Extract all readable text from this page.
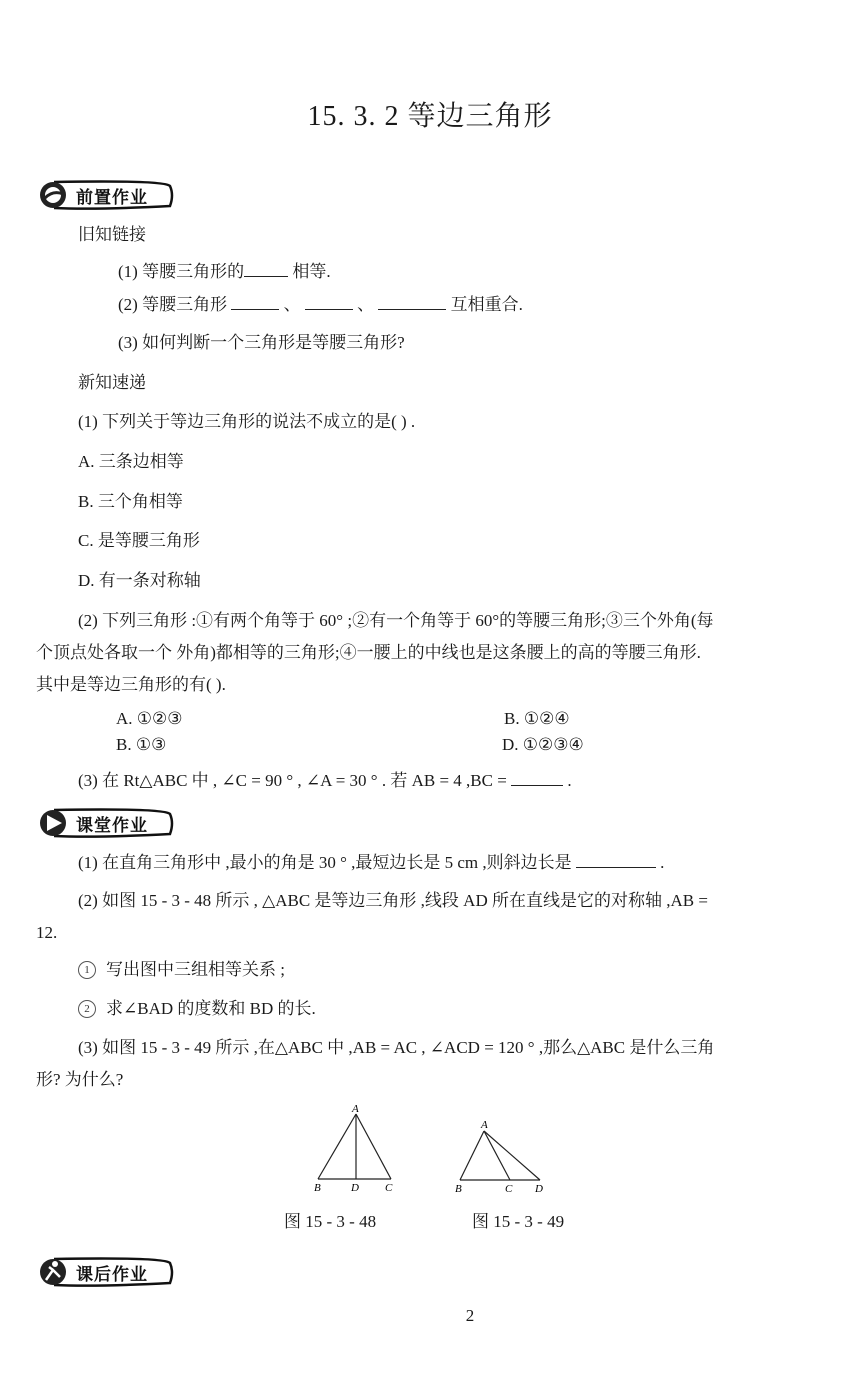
15. 3. 2 等边三角形
前置作业
旧知链接
(1) 等腰三角形的	相等.
(2) 等腰三角形	、	、	互相重合.
(3) 如何判断一个三角形是等腰三角形?
新知速递
(1) 下列关于等边三角形的说法不成立的是( ) .
A. 三条边相等
B. 三个角相等
C. 是等腰三角形
D. 有一条对称轴
(2) 下列三角形 :①有两个角等于 60° ;②有一个角等于 60°的等腰三角形;③三个外角(每
个顶点处各取一个 外角)都相等的三角形;④一腰上的中线也是这条腰上的高的等腰三角形.
其中是等边三角形的有( ).
A. ①②③	B. ①②④
B. ①③	D. ①②③④
(3) 在 Rt△ABC 中 , ∠C = 90 ° , ∠A = 30 ° . 若 AB = 4 ,BC =	.
课堂作业
(1) 在直角三角形中 ,最小的角是 30 ° ,最短边长是 5 cm ,则斜边长是	.
(2) 如图 15 - 3 - 48 所示 , △ABC 是等边三角形 ,线段 AD 所在直线是它的对称轴 ,AB =
12.
1 写出图中三组相等关系 ;
2 求∠BAD 的度数和 BD 的长.
(3) 如图 15 - 3 - 49 所示 ,在△ABC 中 ,AB = AC , ∠ACD = 120 ° ,那么△ABC 是什么三角
形? 为什么?
A
B	D C
A
B	C D
图 15 - 3 - 48	图 15 - 3 - 49
课后作业
2
